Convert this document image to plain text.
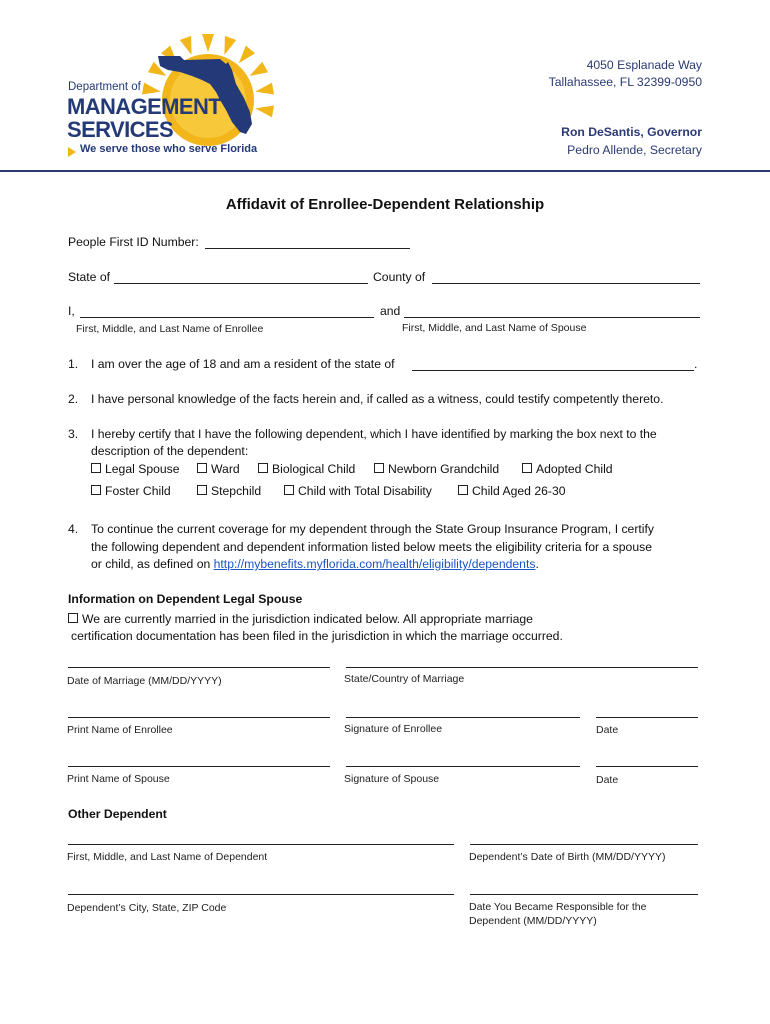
Department of
MANAGEMENT
SERVICES
We serve those who serve Florida
4050 Esplanade Way
Tallahassee, FL 32399-0950
Ron DeSantis, Governor
Pedro Allende, Secretary
Affidavit of Enrollee-Dependent Relationship
People First ID Number:
State of	County of
I,	and
First, Middle, and Last Name of Enrollee	First, Middle, and Last Name of Spouse
1. I am over the age of 18 and am a resident of the state of	.
2. I have personal knowledge of the facts herein and, if called as a witness, could testify competently thereto.
3. I hereby certify that I have the following dependent, which I have identified by marking the box next to the
description of the dependent:
Legal Spouse	Ward	Biological Child	Newborn Grandchild	Adopted Child
Foster Child	Stepchild	Child with Total Disability	Child Aged 26-30
4. To continue the current coverage for my dependent through the State Group Insurance Program, I certify
the following dependent and dependent information listed below meets the eligibility criteria for a spouse
or child, as defined on http://mybenefits.myflorida.com/health/eligibility/dependents.
Information on Dependent Legal Spouse
We are currently married in the jurisdiction indicated below. All appropriate marriage
certification documentation has been filed in the jurisdiction in which the marriage occurred.
Date of Marriage (MM/DD/YYYY)	State/Country of Marriage
Print Name of Enrollee	Signature of Enrollee	Date
Print Name of Spouse	Signature of Spouse	Date
Other Dependent
First, Middle, and Last Name of Dependent	Dependent’s Date of Birth (MM/DD/YYYY)
Dependent’s City, State, ZIP Code	Date You Became Responsible for the
Dependent (MM/DD/YYYY)
